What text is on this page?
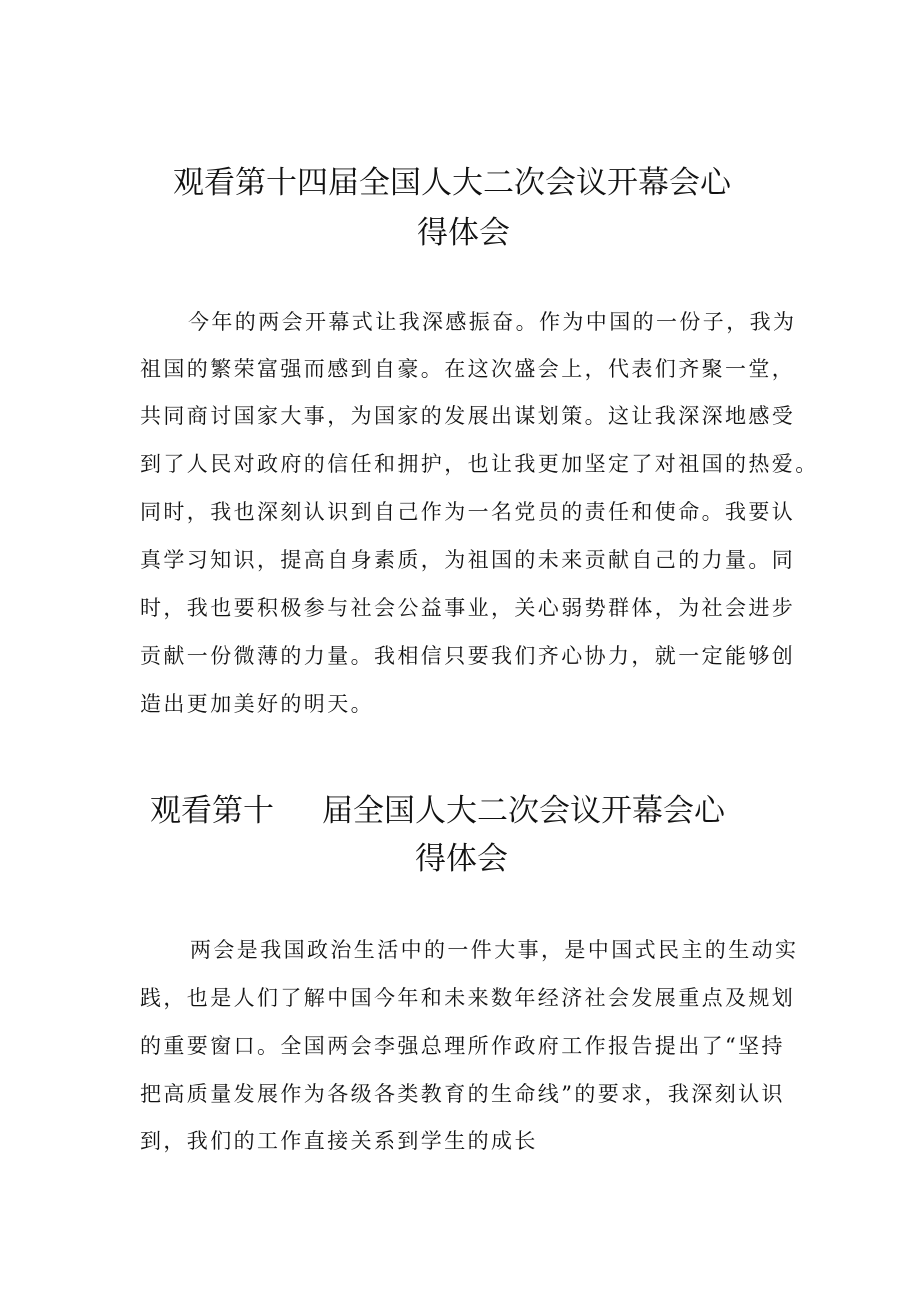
观看第十四届全国人大二次会议开幕会心
得体会

今年的两会开幕式让我深感振奋。作为中国的一份子，我为

祖国的繁荣富强而感到自豪。在这次盛会上，代表们齐聚一堂，

共同商讨国家大事，为国家的发展出谋划策。这让我深深地感受

到了人民对政府的信任和拥护，也让我更加坚定了对祖国的热爱。

同时，我也深刻认识到自己作为一名党员的责任和使命。我要认

真学习知识，提高自身素质，为祖国的未来贡献自己的力量。同

时，我也要积极参与社会公益事业，关心弱势群体，为社会进步

贡献一份微薄的力量。我相信只要我们齐心协力，就一定能够创

造出更加美好的明天。

观看第十 届全国人大二次会议开幕会心
得体会

两会是我国政治生活中的一件大事，是中国式民主的生动实

践，也是人们了解中国今年和未来数年经济社会发展重点及规划

的重要窗口。全国两会李强总理所作政府工作报告提出了“坚持

把高质量发展作为各级各类教育的生命线”的要求，我深刻认识

到，我们的工作直接关系到学生的成长
